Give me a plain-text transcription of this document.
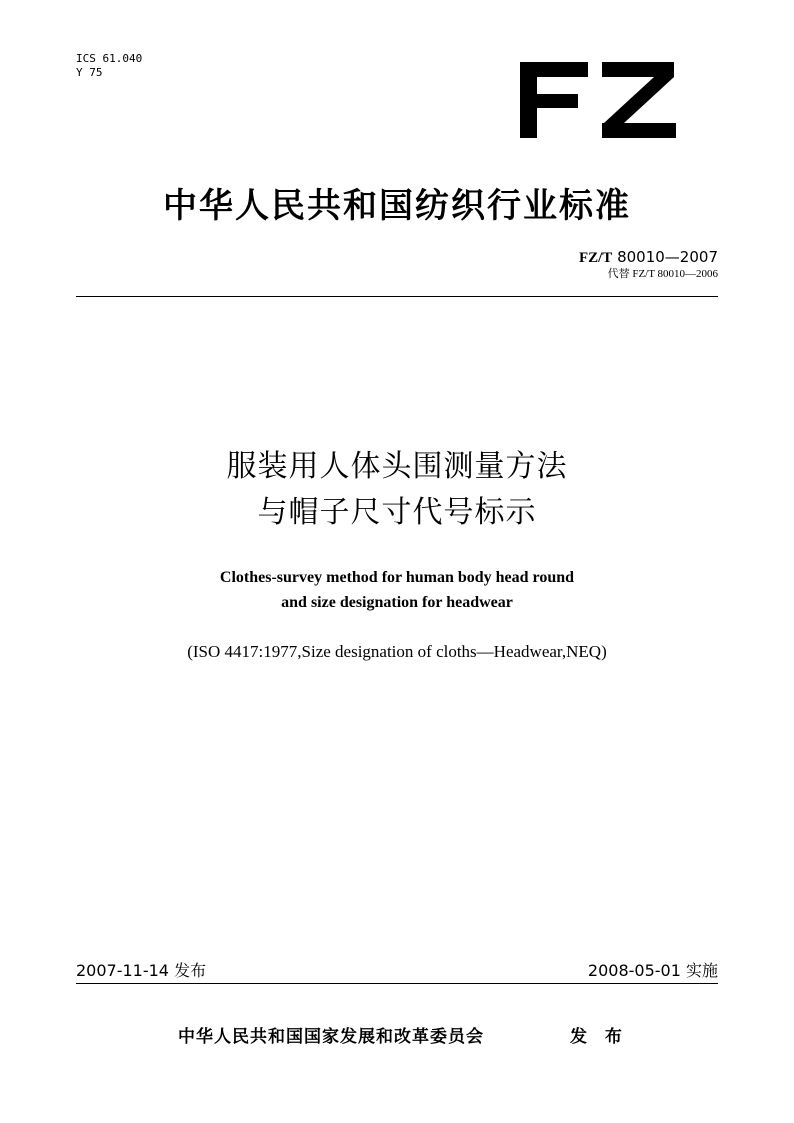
ICS 61.040
Y 75
中华人民共和国纺织行业标准
FZ/T 80010—2007
代替 FZ/T 80010—2006
服装用人体头围测量方法
与帽子尺寸代号标示
Clothes-survey method for human body head round
and size designation for headwear
(ISO 4417:1977,Size designation of cloths—Headwear,NEQ)
2007-11-14 发布	2008-05-01 实施
中华人民共和国国家发展和改革委员会	发 布
